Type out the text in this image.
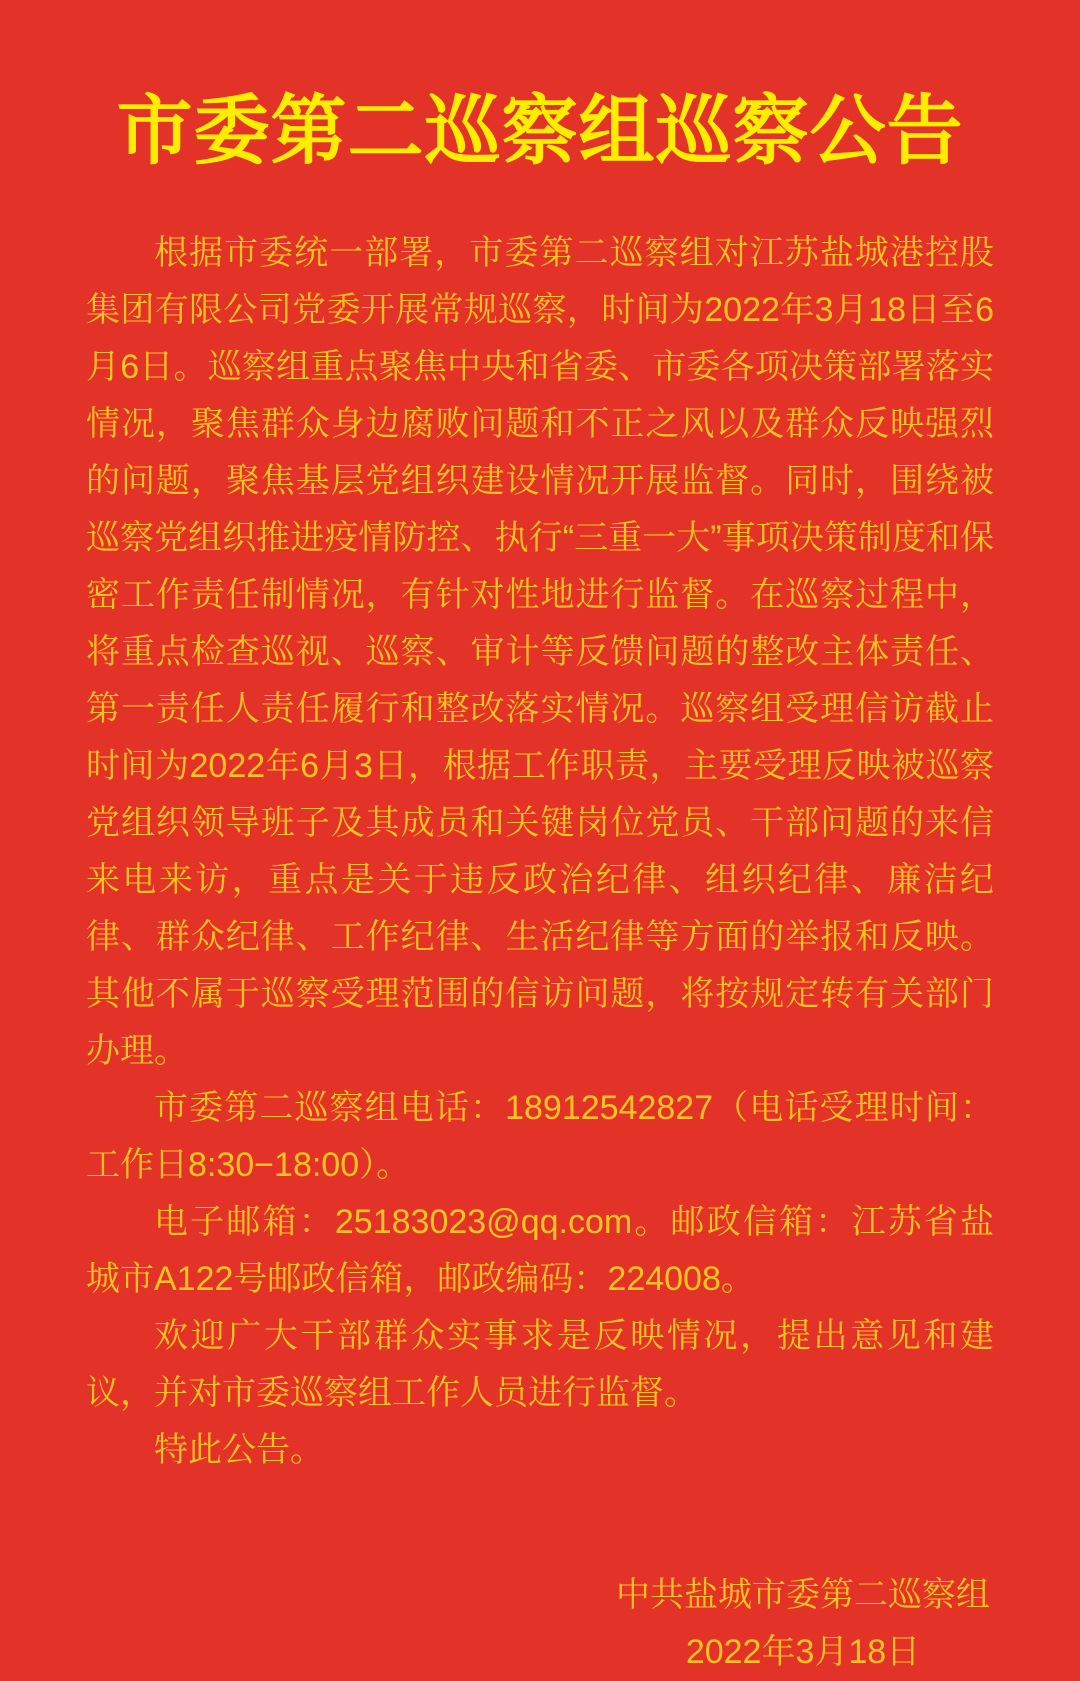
市委第二巡察组巡察公告

根据市委统一部署，市委第二巡察组对江苏盐城港控股集团有限公司党委开展常规巡察，时间为2022年3月18日至6月6日。巡察组重点聚焦中央和省委、市委各项决策部署落实情况，聚焦群众身边腐败问题和不正之风以及群众反映强烈的问题，聚焦基层党组织建设情况开展监督。同时，围绕被巡察党组织推进疫情防控、执行“三重一大”事项决策制度和保密工作责任制情况，有针对性地进行监督。在巡察过程中，将重点检查巡视、巡察、审计等反馈问题的整改主体责任、第一责任人责任履行和整改落实情况。巡察组受理信访截止时间为2022年6月3日，根据工作职责，主要受理反映被巡察党组织领导班子及其成员和关键岗位党员、干部问题的来信来电来访，重点是关于违反政治纪律、组织纪律、廉洁纪律、群众纪律、工作纪律、生活纪律等方面的举报和反映。其他不属于巡察受理范围的信访问题，将按规定转有关部门办理。

市委第二巡察组电话：18912542827（电话受理时间：工作日8:30−18:00）。

电子邮箱：25183023@qq.com。邮政信箱：江苏省盐城市A122号邮政信箱，邮政编码：224008。

欢迎广大干部群众实事求是反映情况，提出意见和建议，并对市委巡察组工作人员进行监督。

特此公告。

中共盐城市委第二巡察组
2022年3月18日
